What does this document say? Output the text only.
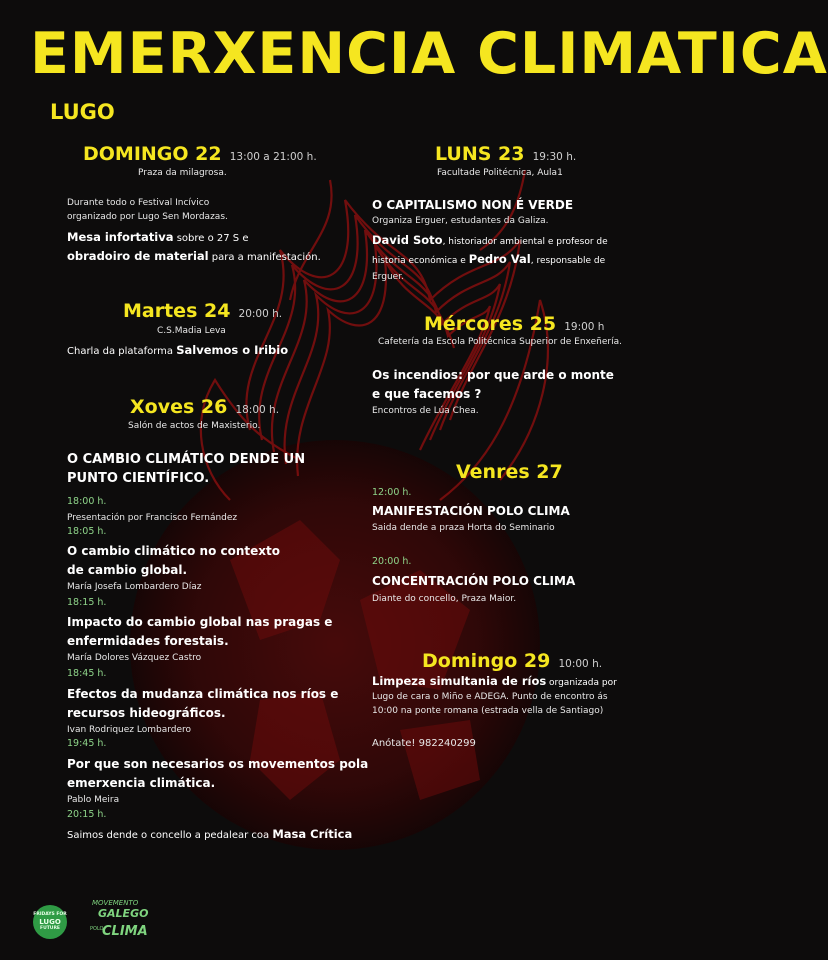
EMERXENCIA CLIMATICA
LUGO
DOMINGO 22 13:00 a 21:00 h.
Praza da milagrosa.
Durante todo o Festival Incívico
organizado por Lugo Sen Mordazas.
Mesa infortativa sobre o 27 S e
obradoiro de material para a manifestación.
Martes 24 20:00 h.
C.S.Madia Leva
Charla da plataforma Salvemos o Iribio
Xoves 26 18:00 h.
Salón de actos de Maxisterio.
O CAMBIO CLIMÁTICO DENDE UN
PUNTO CIENTÍFICO.
18:00 h.
Presentación por Francisco Fernández
18:05 h.
O cambio climático no contexto
de cambio global.
María Josefa Lombardero Díaz
18:15 h.
Impacto do cambio global nas pragas e
enfermidades forestais.
María Dolores Vázquez Castro
18:45 h.
Efectos da mudanza climática nos ríos e
recursos hideográficos.
Ivan Rodriquez Lombardero
19:45 h.
Por que son necesarios os movementos pola
emerxencia climática.
Pablo Meira
20:15 h.
Saimos dende o concello a pedalear coa Masa Crítica
LUNS 23 19:30 h.
Facultade Politécnica, Aula1
O CAPITALISMO NON É VERDE
Organiza Erguer, estudantes da Galiza.
David Soto, historiador ambiental e profesor de
historia económica e Pedro Val, responsable de
Erguer.
Mércores 25 19:00 h
Cafetería da Escola Politécnica Superior de Enxeñería.
Os incendios: por que arde o monte
e que facemos ?
Encontros de Lúa Chea.
Venres 27
12:00 h.
MANIFESTACIÓN POLO CLIMA
Saida dende a praza Horta do Seminario
20:00 h.
CONCENTRACIÓN POLO CLIMA
Diante do concello, Praza Maior.
Domingo 29 10:00 h.
Limpeza simultania de ríos organizada por
Lugo de cara o Miño e ADEGA. Punto de encontro ás
10:00 na ponte romana (estrada vella de Santiago)
Anótate! 982240299
FRIDAYS FOR
LUGO
FUTURE
MOVEMENTO
GALEGO
POLO
CLIMA
